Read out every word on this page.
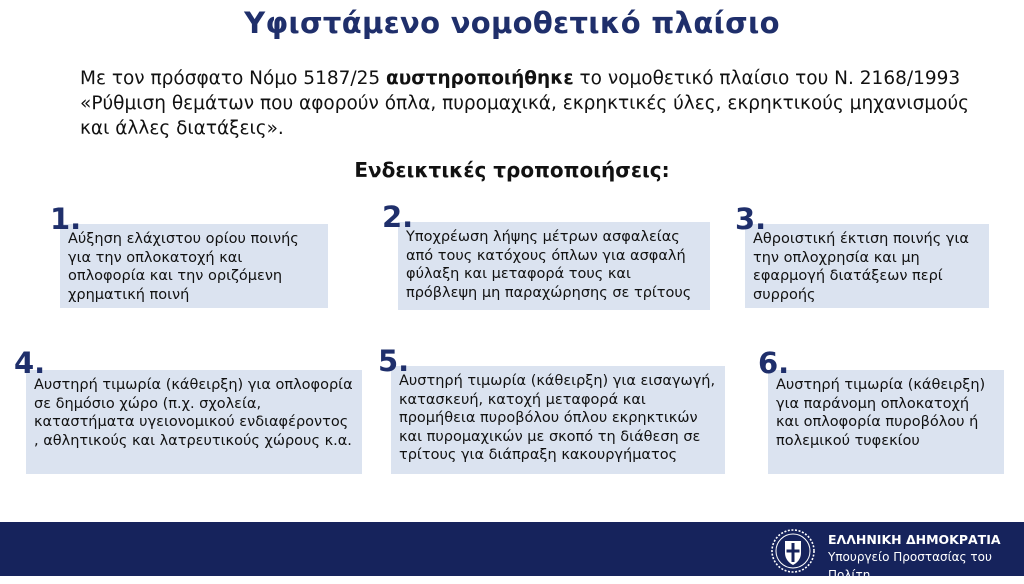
Υφιστάμενο νομοθετικό πλαίσιο
Με τον πρόσφατο Νόμο 5187/25 αυστηροποιήθηκε το νομοθετικό πλαίσιο του Ν. 2168/1993 «Ρύθμιση θεμάτων που αφορούν όπλα, πυρομαχικά, εκρηκτικές ύλες, εκρηκτικούς μηχανισμούς και άλλες διατάξεις».
Ενδεικτικές τροποποιήσεις:
Αύξηση ελάχιστου ορίου ποινής για την οπλοκατοχή και οπλοφορία και την οριζόμενη χρηματική ποινή
1.
Υποχρέωση λήψης μέτρων ασφαλείας από τους κατόχους όπλων για ασφαλή φύλαξη και μεταφορά τους και πρόβλεψη μη παραχώρησης σε τρίτους
2.
Αθροιστική έκτιση ποινής για την οπλοχρησία και μη εφαρμογή διατάξεων περί συρροής
3.
Αυστηρή τιμωρία (κάθειρξη) για οπλοφορία σε δημόσιο χώρο (π.χ. σχολεία, καταστήματα υγειονομικού ενδιαφέροντος , αθλητικούς και λατρευτικούς χώρους κ.α.
4.
Αυστηρή τιμωρία (κάθειρξη) για εισαγωγή, κατασκευή, κατοχή μεταφορά και προμήθεια πυροβόλου όπλου εκρηκτικών και πυρομαχικών με σκοπό τη διάθεση σε τρίτους για διάπραξη κακουργήματος
5.
Αυστηρή τιμωρία (κάθειρξη) για παράνομη οπλοκατοχή και οπλοφορία πυροβόλου ή πολεμικού τυφεκίου
6.
ΕΛΛΗΝΙΚΗ ΔΗΜΟΚΡΑΤΙΑ
Υπουργείο Προστασίας του Πολίτη
